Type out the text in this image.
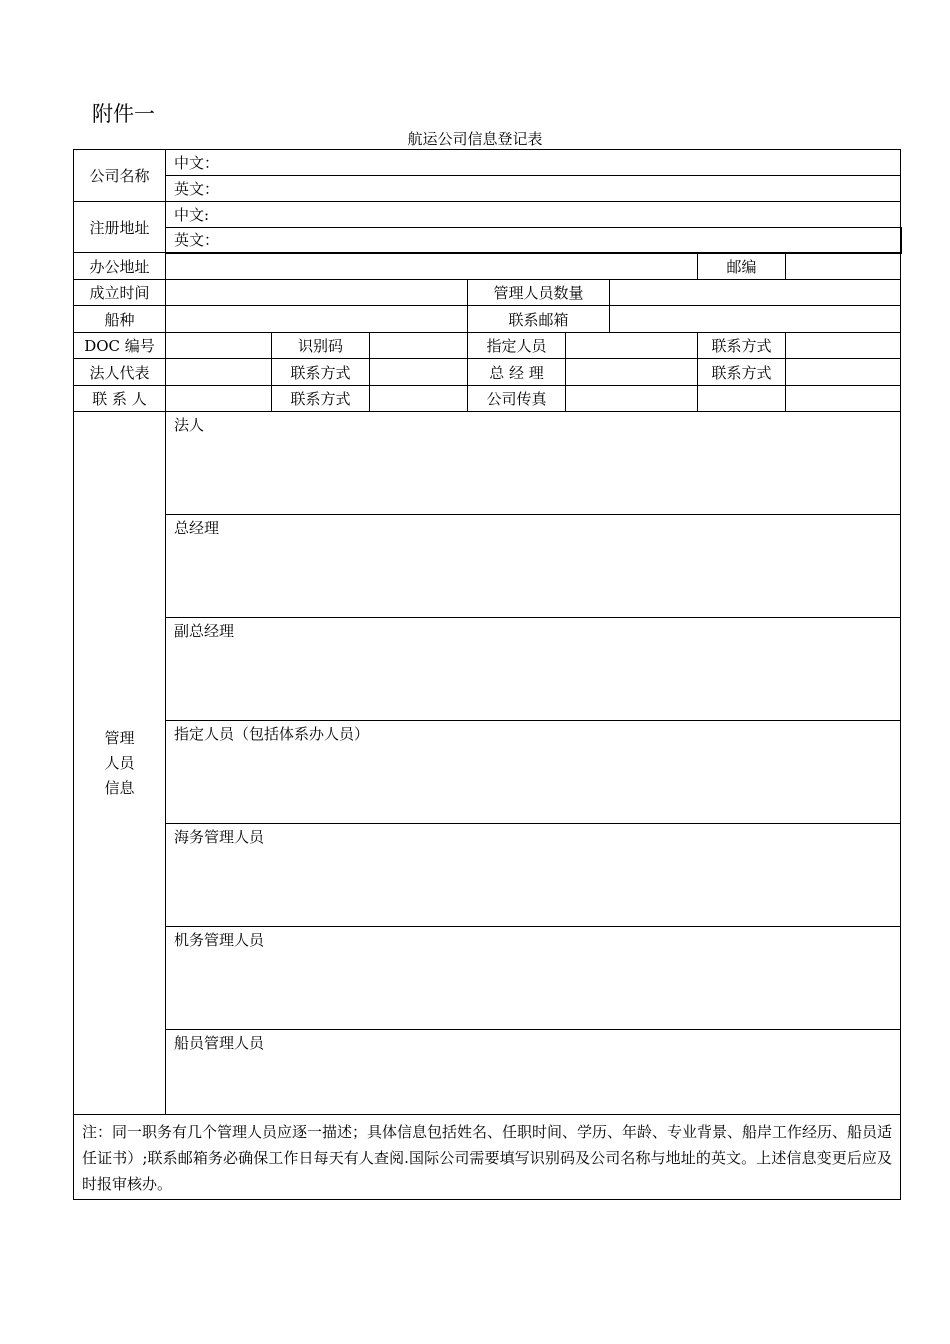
附件一
航运公司信息登记表
公司名称	中文：							
	英文：							
注册地址	中文:							
	英文：							
办公地址							邮编	
成立时间				管理人员数量				
船种				联系邮箱				
DOC 编号		识别码		指定人员			联系方式	
法人代表		联系方式		总 经 理			联系方式	
联 系 人		联系方式		公司传真				

管理
人员
信息	法人							
	总经理							
	副总经理							
	指定人员（包括体系办人员）							
	海务管理人员							
	机务管理人员							
	船员管理人员							
注：同一职务有几个管理人员应逐一描述；具体信息包括姓名、任职时间、学历、年龄、专业背景、船岸工作经历、船员适任证书）;联系邮箱务必确保工作日每天有人查阅.国际公司需要填写识别码及公司名称与地址的英文。上述信息变更后应及时报审核办。								
